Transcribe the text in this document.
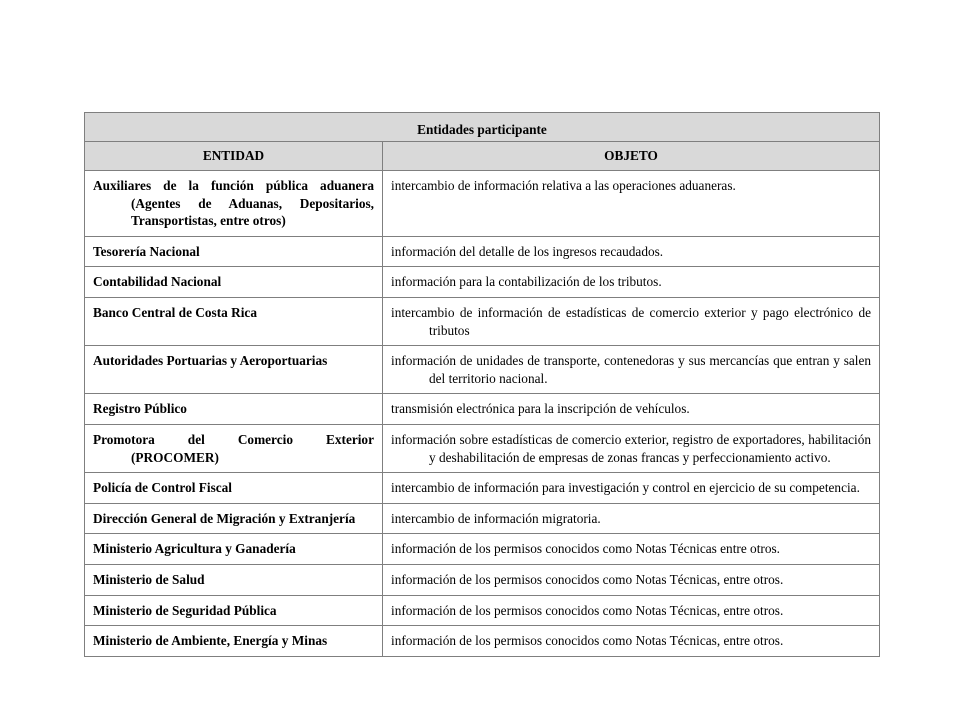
Entidades participante	
ENTIDAD	OBJETO
Auxiliares de la función pública aduanera (Agentes de Aduanas, Depositarios, Transportistas, entre otros)	intercambio de información relativa a las operaciones aduaneras.
Tesorería Nacional	información del detalle de los ingresos recaudados.
Contabilidad Nacional	información para la contabilización de los tributos.
Banco Central de Costa Rica	intercambio de información de estadísticas de comercio exterior y pago electrónico de tributos
Autoridades Portuarias y Aeroportuarias	información de unidades de transporte, contenedoras y sus mercancías que entran y salen del territorio nacional.
Registro Público	transmisión electrónica para la inscripción de vehículos.
Promotora del Comercio Exterior (PROCOMER)	información sobre estadísticas de comercio exterior, registro de exportadores, habilitación y deshabilitación de empresas de zonas francas y perfeccionamiento activo.
Policía de Control Fiscal	intercambio de información para investigación y control en ejercicio de su competencia.
Dirección General de Migración y Extranjería	intercambio de información migratoria.
Ministerio Agricultura y Ganadería	información de los permisos conocidos como Notas Técnicas entre otros.
Ministerio de Salud	información de los permisos conocidos como Notas Técnicas, entre otros.
Ministerio de Seguridad Pública	información de los permisos conocidos como Notas Técnicas, entre otros.
Ministerio de Ambiente, Energía y Minas	información de los permisos conocidos como Notas Técnicas, entre otros.
